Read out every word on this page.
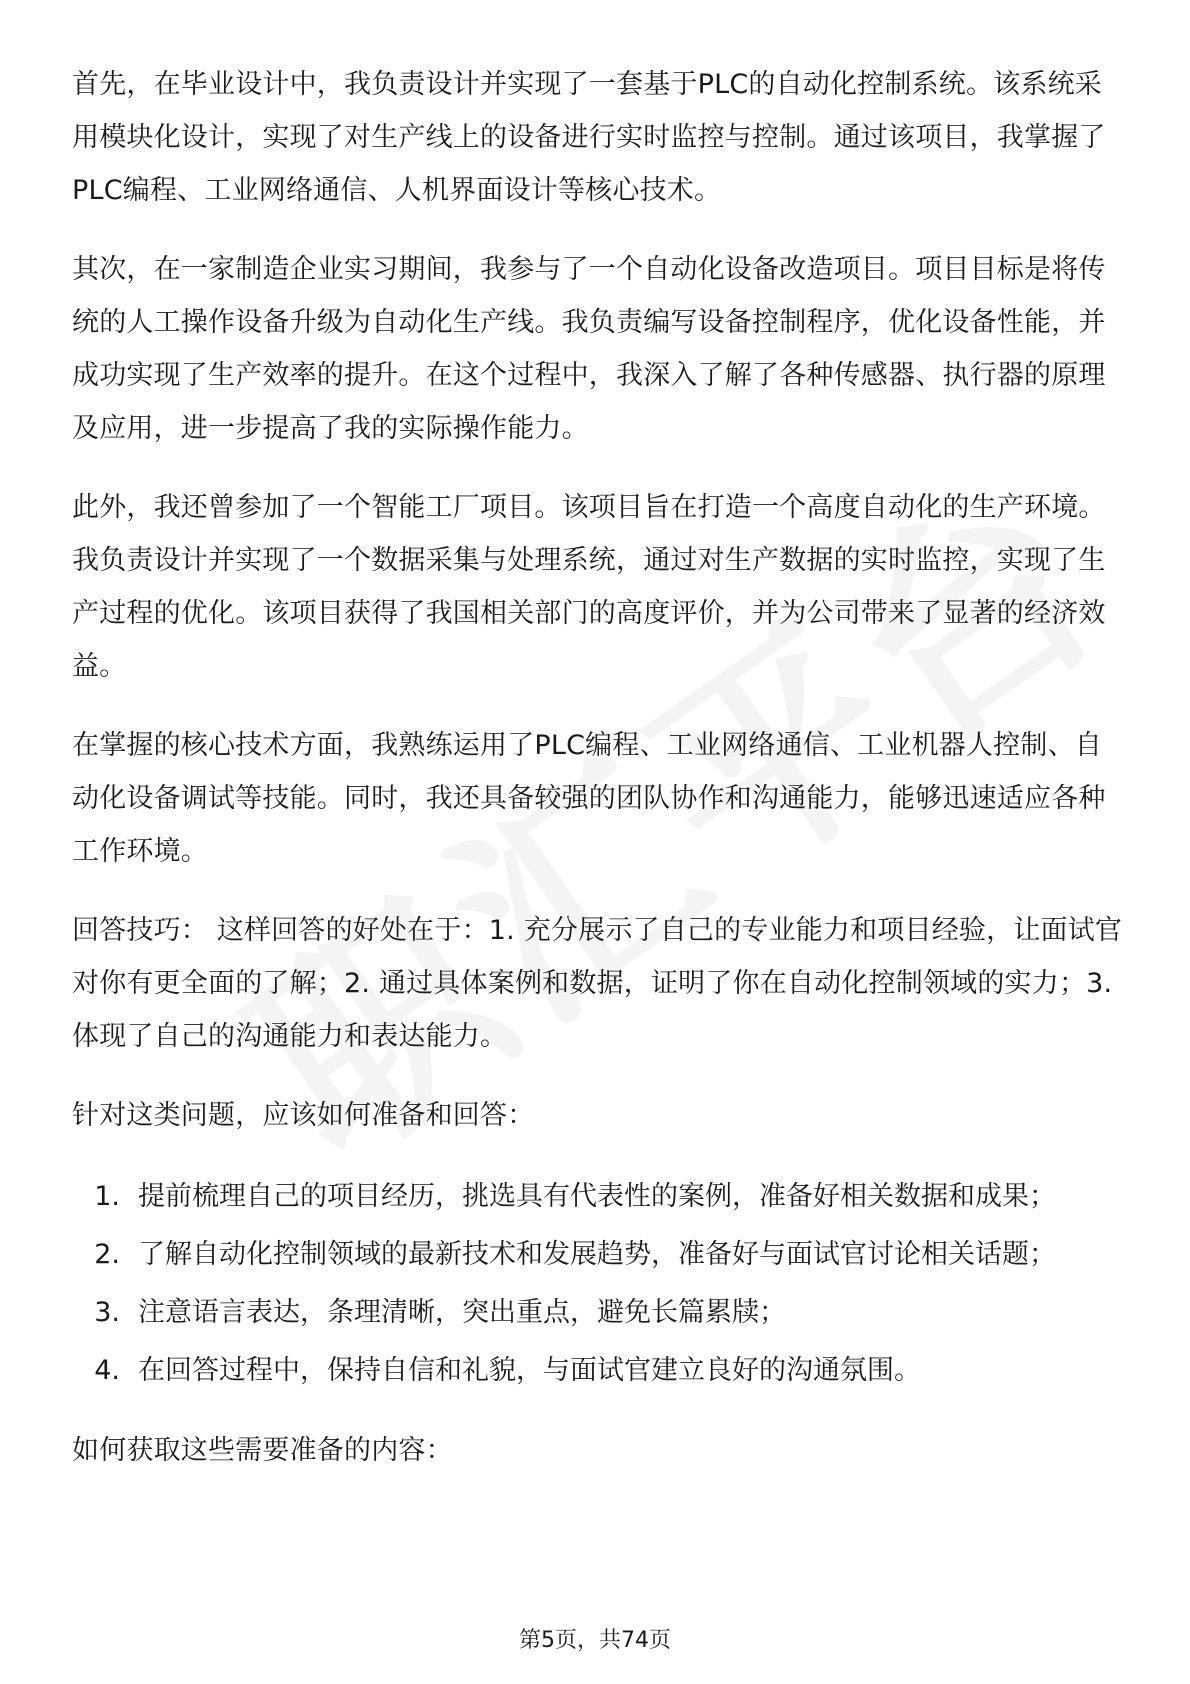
首先，在毕业设计中，我负责设计并实现了一套基于PLC的自动化控制系统。该系统采用模块化设计，实现了对生产线上的设备进行实时监控与控制。通过该项目，我掌握了PLC编程、工业网络通信、人机界面设计等核心技术。

其次，在一家制造企业实习期间，我参与了一个自动化设备改造项目。项目目标是将传统的人工操作设备升级为自动化生产线。我负责编写设备控制程序，优化设备性能，并成功实现了生产效率的提升。在这个过程中，我深入了解了各种传感器、执行器的原理及应用，进一步提高了我的实际操作能力。

此外，我还曾参加了一个智能工厂项目。该项目旨在打造一个高度自动化的生产环境。我负责设计并实现了一个数据采集与处理系统，通过对生产数据的实时监控，实现了生产过程的优化。该项目获得了我国相关部门的高度评价，并为公司带来了显著的经济效益。

在掌握的核心技术方面，我熟练运用了PLC编程、工业网络通信、工业机器人控制、自动化设备调试等技能。同时，我还具备较强的团队协作和沟通能力，能够迅速适应各种工作环境。

回答技巧： 这样回答的好处在于：1. 充分展示了自己的专业能力和项目经验，让面试官对你有更全面的了解；2. 通过具体案例和数据，证明了你在自动化控制领域的实力；3. 体现了自己的沟通能力和表达能力。

针对这类问题，应该如何准备和回答：

1. 提前梳理自己的项目经历，挑选具有代表性的案例，准备好相关数据和成果；
2. 了解自动化控制领域的最新技术和发展趋势，准备好与面试官讨论相关话题；
3. 注意语言表达，条理清晰，突出重点，避免长篇累牍；
4. 在回答过程中，保持自信和礼貌，与面试官建立良好的沟通氛围。

如何获取这些需要准备的内容：

第5页，共74页
